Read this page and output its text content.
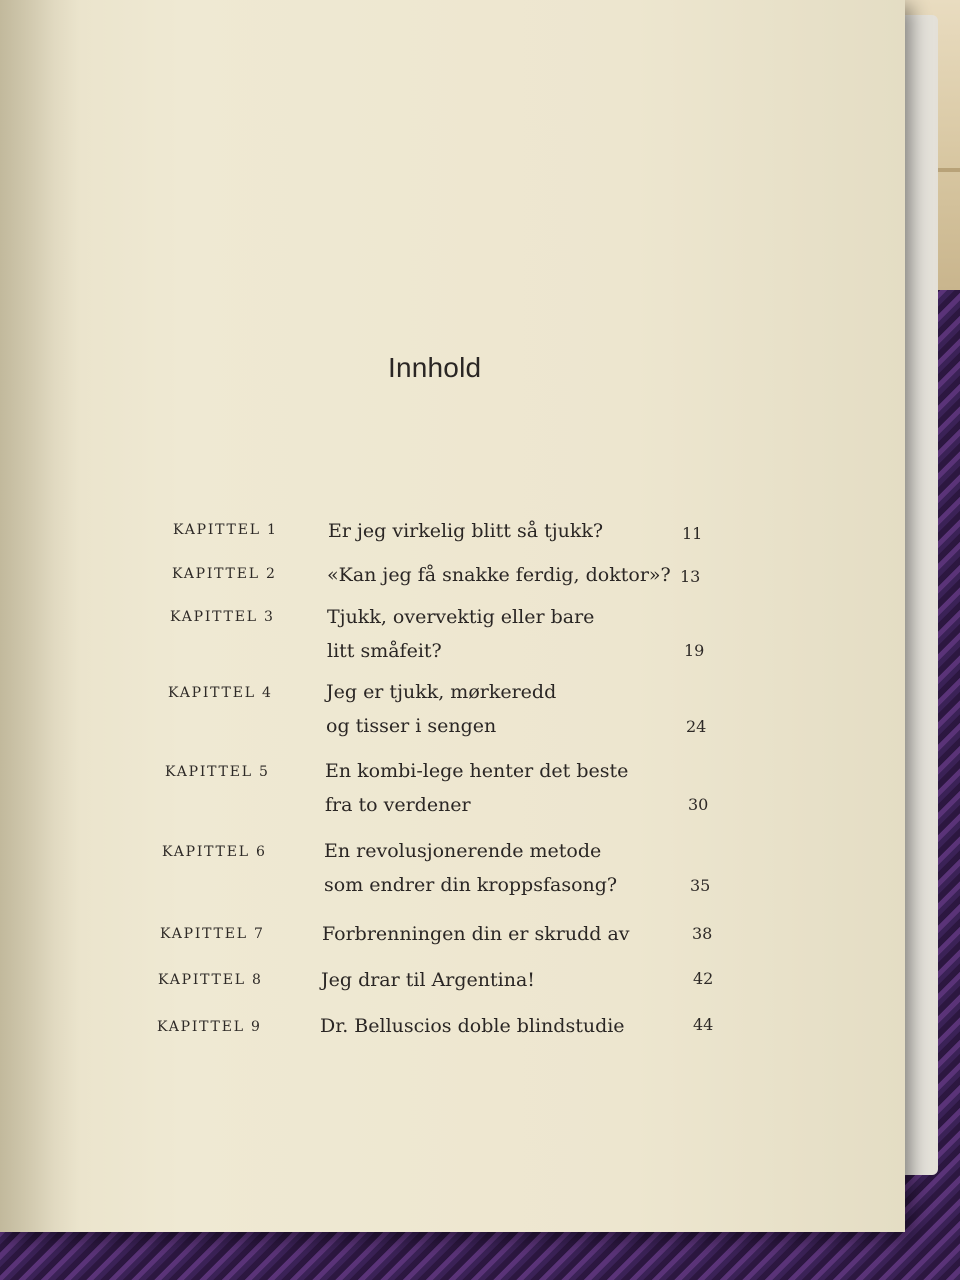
Innhold
KAPITTEL 1	Er jeg virkelig blitt så tjukk?	11
KAPITTEL 2	«Kan jeg få snakke ferdig, doktor»? 13
KAPITTEL 3	Tjukk, overvektig eller bare
litt småfeit?	19
KAPITTEL 4	Jeg er tjukk, mørkeredd
og tisser i sengen	24
KAPITTEL 5	En kombi-lege henter det beste
fra to verdener	30
KAPITTEL 6	En revolusjonerende metode
som endrer din kroppsfasong?	35
KAPITTEL 7	Forbrenningen din er skrudd av	38
KAPITTEL 8	Jeg drar til Argentina!	42
KAPITTEL 9	Dr. Belluscios doble blindstudie	44
